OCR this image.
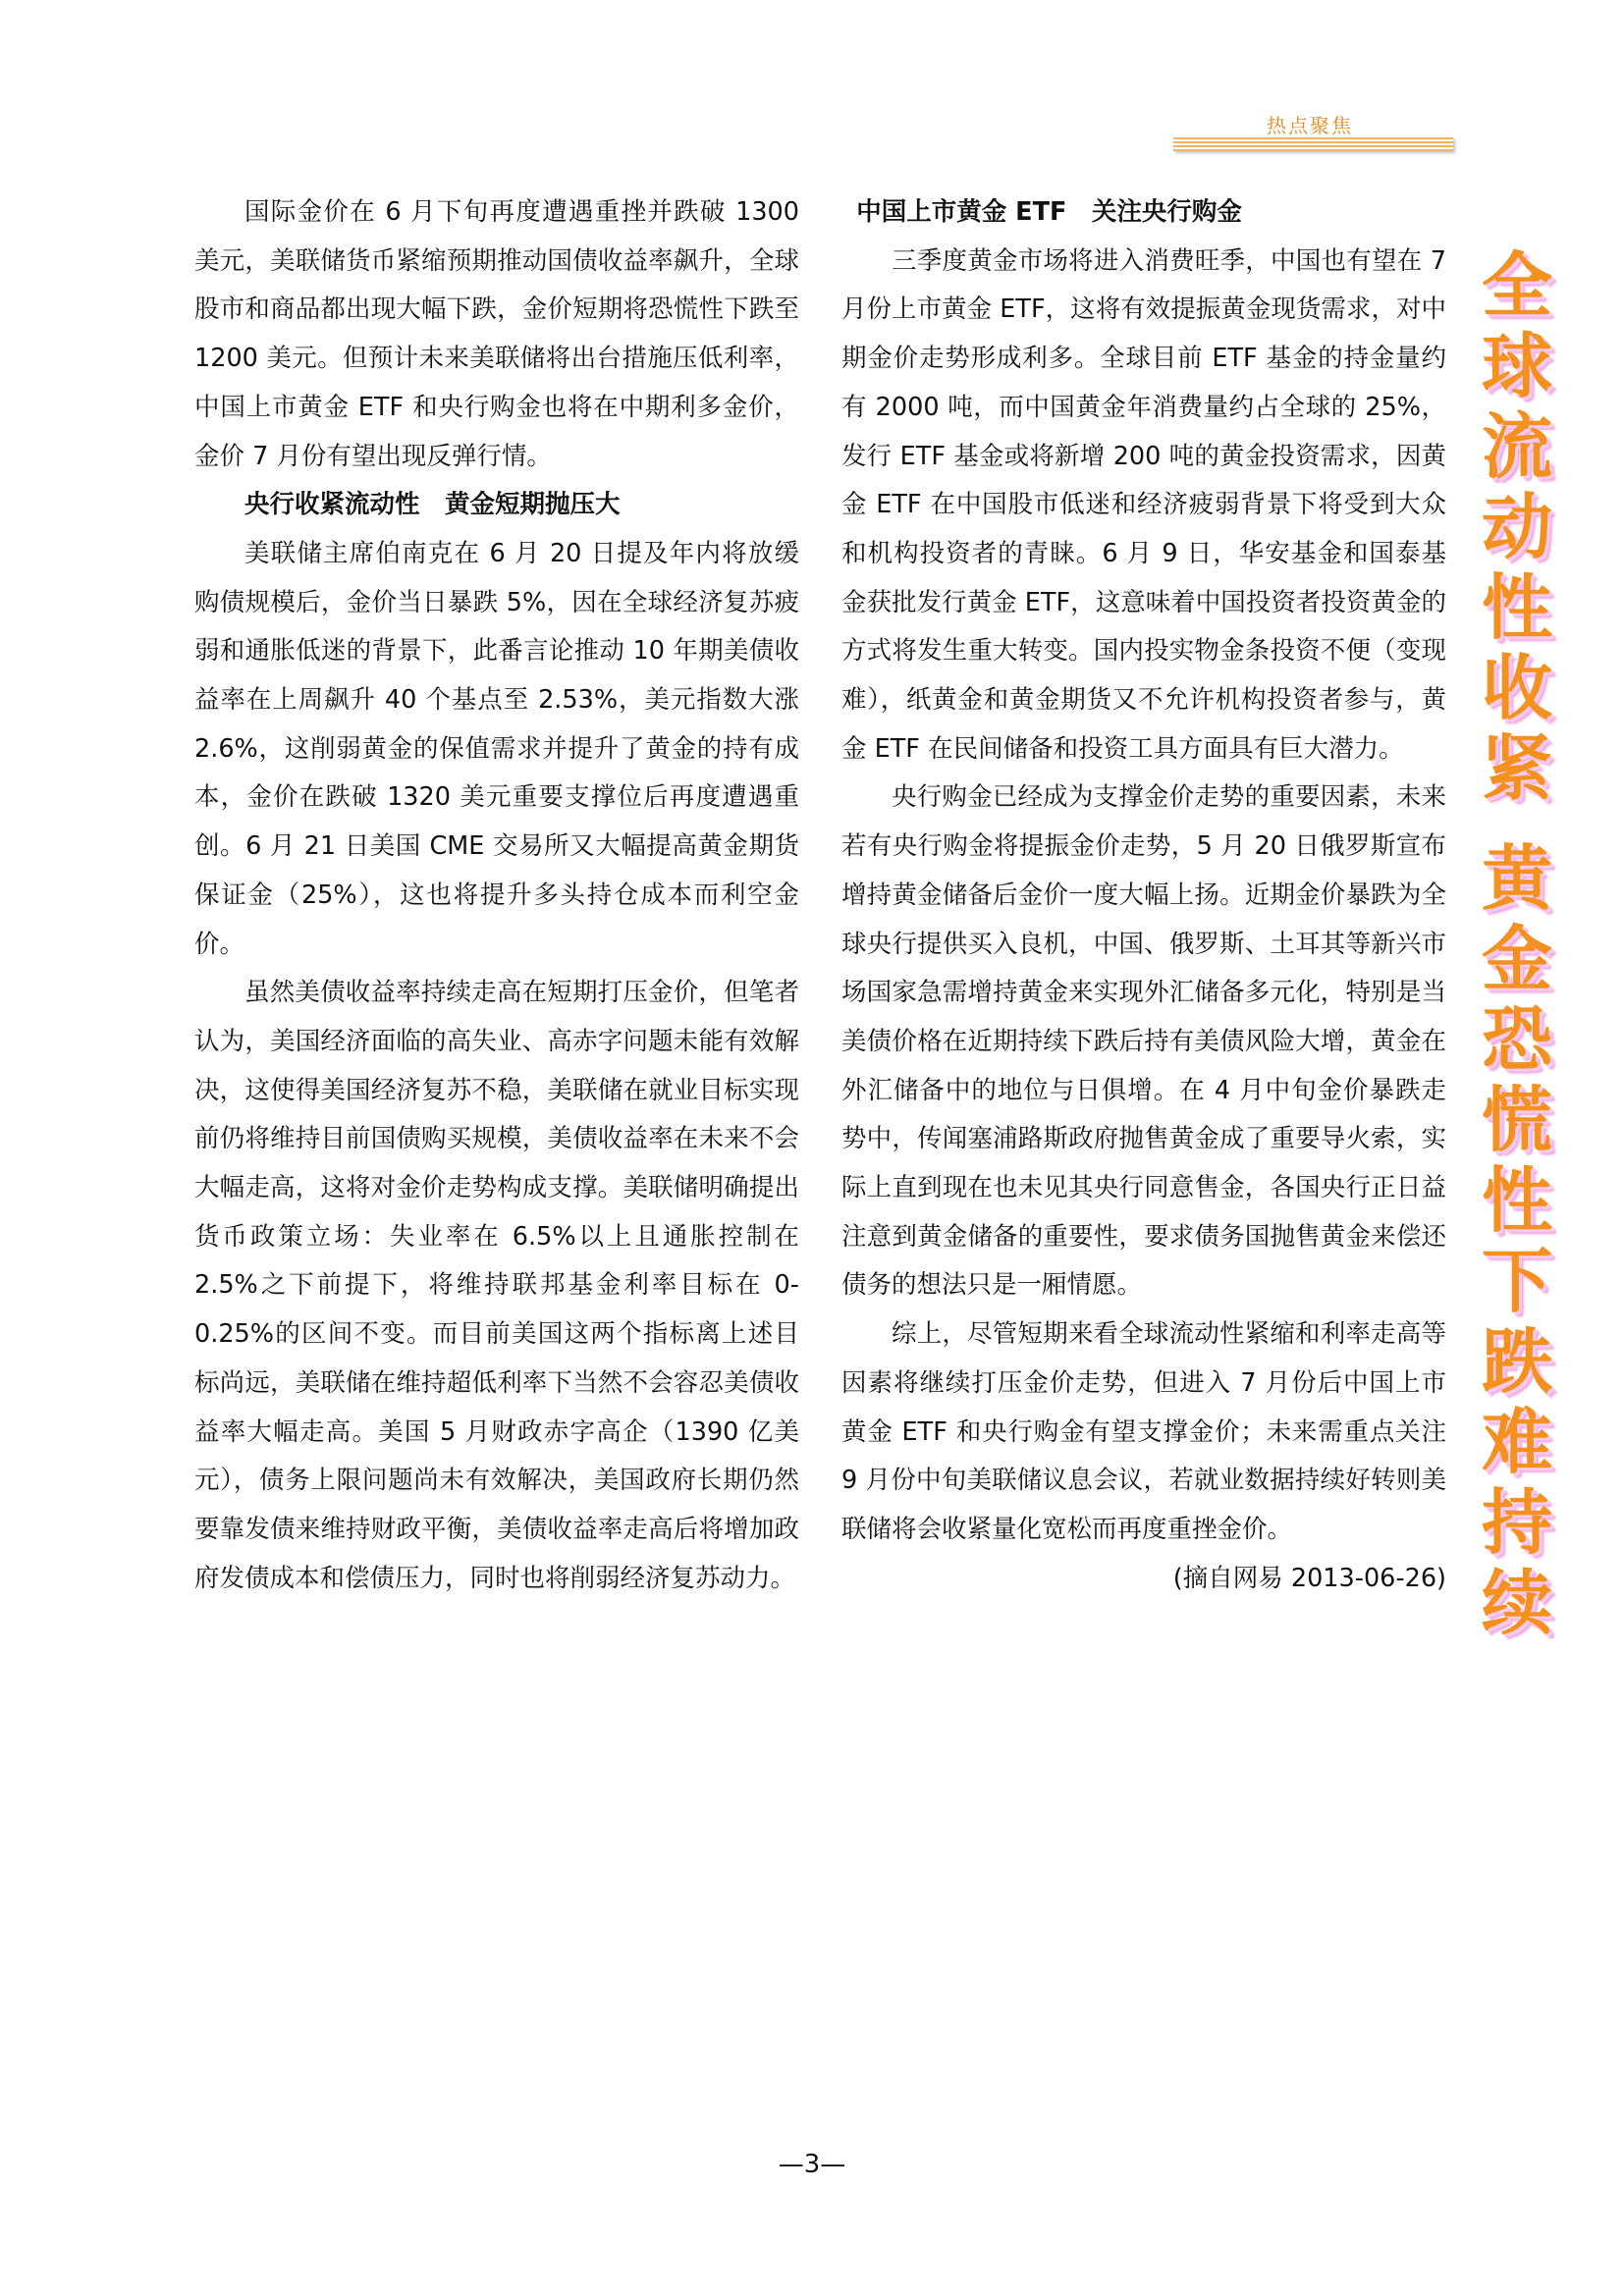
热点聚焦

国际金价在 6 月下旬再度遭遇重挫并跌破 1300 美元，美联储货币紧缩预期推动国债收益率飙升，全球股市和商品都出现大幅下跌，金价短期将恐慌性下跌至 1200 美元。但预计未来美联储将出台措施压低利率，中国上市黄金 ETF 和央行购金也将在中期利多金价，金价 7 月份有望出现反弹行情。

央行收紧流动性　黄金短期抛压大

美联储主席伯南克在 6 月 20 日提及年内将放缓购债规模后，金价当日暴跌 5%，因在全球经济复苏疲弱和通胀低迷的背景下，此番言论推动 10 年期美债收益率在上周飙升 40 个基点至 2.53%，美元指数大涨 2.6%，这削弱黄金的保值需求并提升了黄金的持有成本，金价在跌破 1320 美元重要支撑位后再度遭遇重创。6 月 21 日美国 CME 交易所又大幅提高黄金期货保证金（25%），这也将提升多头持仓成本而利空金价。

虽然美债收益率持续走高在短期打压金价，但笔者认为，美国经济面临的高失业、高赤字问题未能有效解决，这使得美国经济复苏不稳，美联储在就业目标实现前仍将维持目前国债购买规模，美债收益率在未来不会大幅走高，这将对金价走势构成支撑。美联储明确提出货币政策立场：失业率在 6.5%以上且通胀控制在 2.5%之下前提下，将维持联邦基金利率目标在 0-0.25%的区间不变。而目前美国这两个指标离上述目标尚远，美联储在维持超低利率下当然不会容忍美债收益率大幅走高。美国 5 月财政赤字高企（1390 亿美元），债务上限问题尚未有效解决，美国政府长期仍然要靠发债来维持财政平衡，美债收益率走高后将增加政府发债成本和偿债压力，同时也将削弱经济复苏动力。

中国上市黄金 ETF　关注央行购金

三季度黄金市场将进入消费旺季，中国也有望在 7 月份上市黄金 ETF，这将有效提振黄金现货需求，对中期金价走势形成利多。全球目前 ETF 基金的持金量约有 2000 吨，而中国黄金年消费量约占全球的 25%，发行 ETF 基金或将新增 200 吨的黄金投资需求，因黄金 ETF 在中国股市低迷和经济疲弱背景下将受到大众和机构投资者的青睐。6 月 9 日，华安基金和国泰基金获批发行黄金 ETF，这意味着中国投资者投资黄金的方式将发生重大转变。国内投实物金条投资不便（变现难），纸黄金和黄金期货又不允许机构投资者参与，黄金 ETF 在民间储备和投资工具方面具有巨大潜力。

央行购金已经成为支撑金价走势的重要因素，未来若有央行购金将提振金价走势，5 月 20 日俄罗斯宣布增持黄金储备后金价一度大幅上扬。近期金价暴跌为全球央行提供买入良机，中国、俄罗斯、土耳其等新兴市场国家急需增持黄金来实现外汇储备多元化，特别是当美债价格在近期持续下跌后持有美债风险大增，黄金在外汇储备中的地位与日俱增。在 4 月中旬金价暴跌走势中，传闻塞浦路斯政府抛售黄金成了重要导火索，实际上直到现在也未见其央行同意售金，各国央行正日益注意到黄金储备的重要性，要求债务国抛售黄金来偿还债务的想法只是一厢情愿。

综上，尽管短期来看全球流动性紧缩和利率走高等因素将继续打压金价走势，但进入 7 月份后中国上市黄金 ETF 和央行购金有望支撑金价；未来需重点关注 9 月份中旬美联储议息会议，若就业数据持续好转则美联储将会收紧量化宽松而再度重挫金价。
(摘自网易 2013-06-26)

全
球
流
动
性
收
紧

黄
金
恐
慌
性
下
跌
难
持
续
—3—
